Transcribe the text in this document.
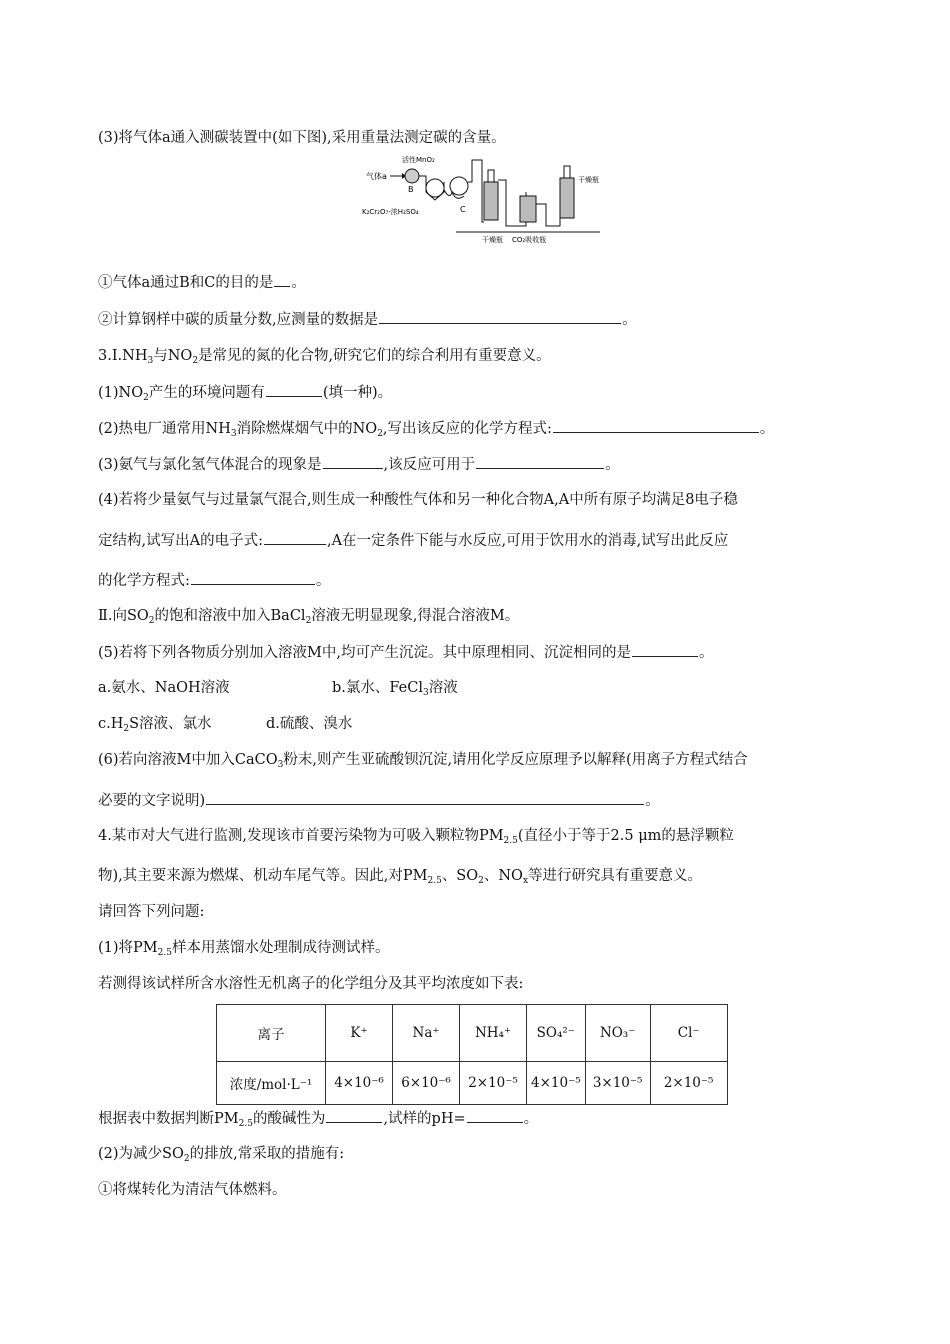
(3)将气体a通入测碳装置中(如下图),采用重量法测定碳的含量。
气体a
活性MnO₂
B
C
K₂Cr₂O₇-浓H₂SO₄
干燥瓶 CO₂吸收瓶
干燥瓶
①气体a通过B和C的目的是 。
②计算钢样中碳的质量分数,应测量的数据是	。
$3.Ⅰ.NH_3$与$NO_2$是常见的氮的化合物,研究它们的综合利用有重要意义。
$(1)NO_2$产生的环境问题有	(填一种)。
(2)热电厂通常用$NH_3$消除燃煤烟气中的$NO_2$,写出该反应的化学方程式:	。
(3)氨气与氯化氢气体混合的现象是	,该反应可用于	。
(4)若将少量氨气与过量氯气混合,则生成一种酸性气体和另一种化合物A,A中所有原子均满足8电子稳
定结构,试写出A的电子式:	,A在一定条件下能与水反应,可用于饮用水的消毒,试写出此反应
的化学方程式:	。
Ⅱ.向$SO_2$的饱和溶液中加入BaCl$_2$溶液无明显现象,得混合溶液M。
(5)若将下列各物质分别加入溶液M中,均可产生沉淀。其中原理相同、沉淀相同的是	。
a.氨水、NaOH溶液	b.氯水、FeCl$_3$溶液
$c.H_2S$溶液、氯水	d.硫酸、溴水
(6)若向溶液M中加入CaCO$_3$粉末,则产生亚硫酸钡沉淀,请用化学反应原理予以解释(用离子方程式结合
必要的文字说明)	。
4.某市对大气进行监测,发现该市首要污染物为可吸入颗粒物$PM_{2.5}$(直径小于等于2.5 μm的悬浮颗粒
物),其主要来源为燃煤、机动车尾气等。因此,对$PM_{2.5}$、$SO_2$、$NO_x$等进行研究具有重要意义。
请回答下列问题:
(1)将$PM_{2.5}$样本用蒸馏水处理制成待测试样。
若测得该试样所含水溶性无机离子的化学组分及其平均浓度如下表:
离子	K⁺	Na⁺	NH₄⁺	SO₄²⁻	NO₃⁻	Cl⁻
浓度/mol·L⁻¹	4×10⁻⁶	6×10⁻⁶	2×10⁻⁵	4×10⁻⁵	3×10⁻⁵	2×10⁻⁵
根据表中数据判断$PM_{2.5}$的酸碱性为	,试样的pH=	。
(2)为减少$SO_2$的排放,常采取的措施有:
①将煤转化为清洁气体燃料。
